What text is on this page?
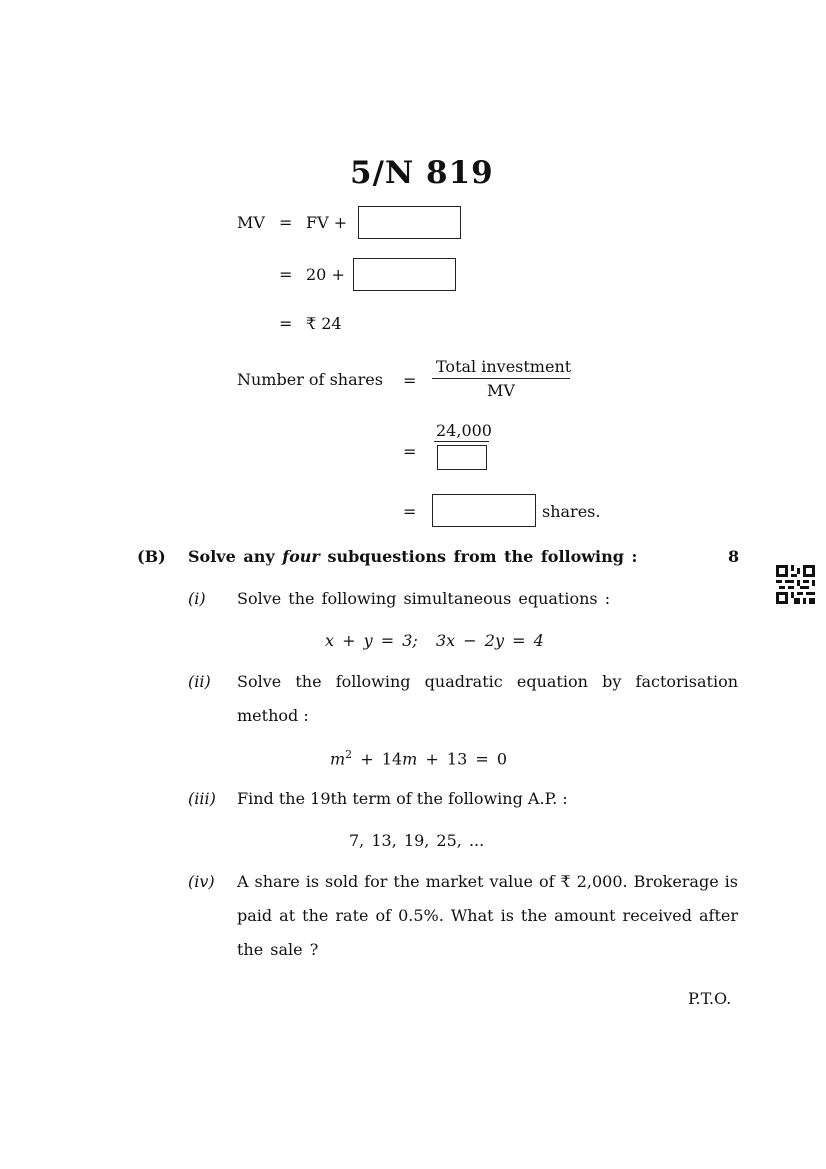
5/N 819
MV = FV +
= 20 +
= ₹ 24
Number of shares =
Total investment
MV
=
24,000
=	shares.
(B) Solve any four subquestions from the following :	8
(i) Solve the following simultaneous equations :
x + y = 3; 3x − 2y = 4
(ii) Solve the following quadratic equation by factorisation
method :
$m^2 + 14m + 13 = 0$
(iii) Find the 19th term of the following A.P. :
7, 13, 19, 25, ...
(iv) A share is sold for the market value of ₹ 2,000. Brokerage is
paid at the rate of 0.5%. What is the amount received after
the sale ?
P.T.O.
